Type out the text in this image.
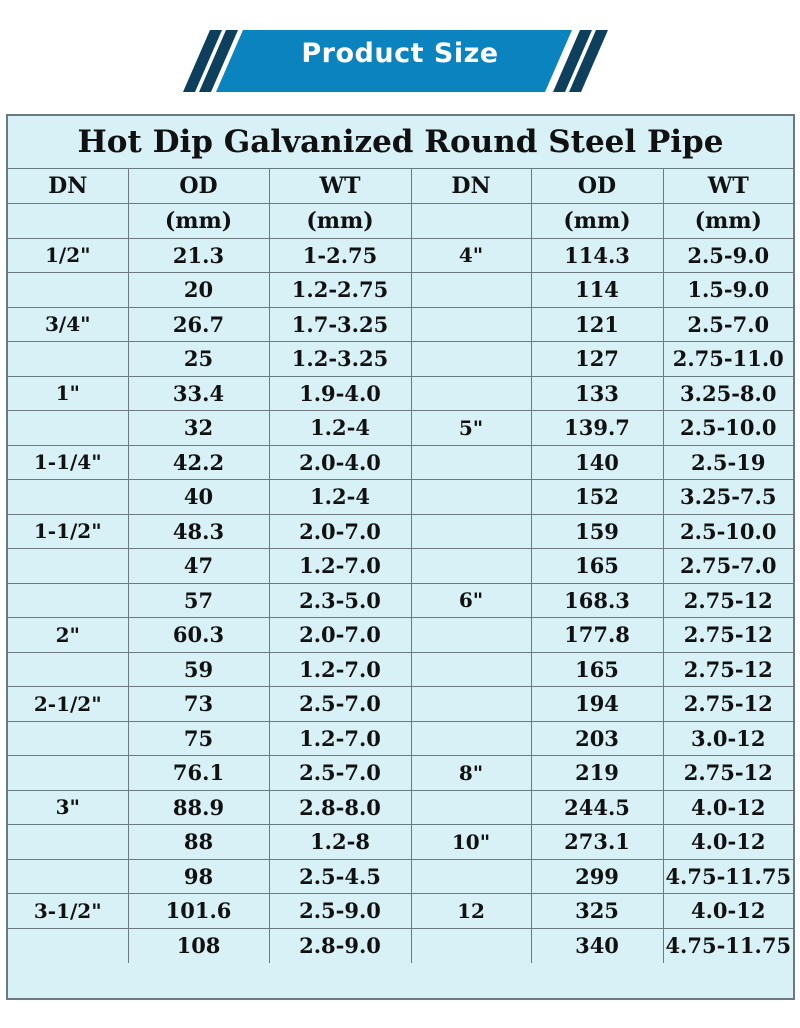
Product Size
Hot Dip Galvanized Round Steel Pipe
DN	OD	WT	DN	OD	WT
	(mm)	(mm)		(mm)	(mm)
1/2"	21.3	1-2.75	4"	114.3	2.5-9.0
	20	1.2-2.75		114	1.5-9.0
3/4"	26.7	1.7-3.25		121	2.5-7.0
	25	1.2-3.25		127	2.75-11.0
1"	33.4	1.9-4.0		133	3.25-8.0
	32	1.2-4	5"	139.7	2.5-10.0
1-1/4"	42.2	2.0-4.0		140	2.5-19
	40	1.2-4		152	3.25-7.5
1-1/2"	48.3	2.0-7.0		159	2.5-10.0
	47	1.2-7.0		165	2.75-7.0
	57	2.3-5.0	6"	168.3	2.75-12
2"	60.3	2.0-7.0		177.8	2.75-12
	59	1.2-7.0		165	2.75-12
2-1/2"	73	2.5-7.0		194	2.75-12
	75	1.2-7.0		203	3.0-12
	76.1	2.5-7.0	8"	219	2.75-12
3"	88.9	2.8-8.0		244.5	4.0-12
	88	1.2-8	10"	273.1	4.0-12
	98	2.5-4.5		299	4.75-11.75
3-1/2"	101.6	2.5-9.0	12	325	4.0-12
	108	2.8-9.0		340	4.75-11.75
